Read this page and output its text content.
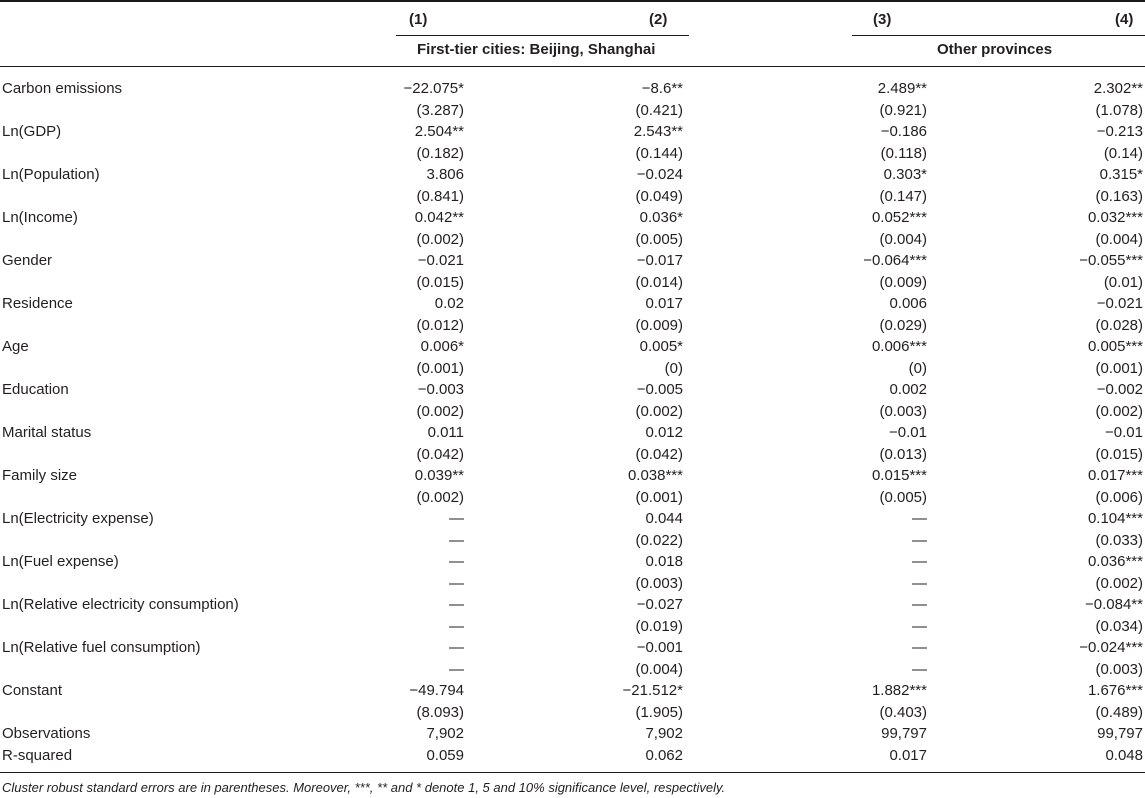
(1)	(2)	(3)	(4)
First-tier cities: Beijing, Shanghai	Other provinces
Carbon emissions	−22.075*	−8.6**	2.489**	2.302**
(3.287)	(0.421)	(0.921)	(1.078)
Ln(GDP)	2.504**	2.543**	−0.186	−0.213
(0.182)	(0.144)	(0.118)	(0.14)
Ln(Population)	3.806	−0.024	0.303*	0.315*
(0.841)	(0.049)	(0.147)	(0.163)
Ln(Income)	0.042**	0.036*	0.052***	0.032***
(0.002)	(0.005)	(0.004)	(0.004)
Gender	−0.021	−0.017	−0.064***	−0.055***
(0.015)	(0.014)	(0.009)	(0.01)
Residence	0.02	0.017	0.006	−0.021
(0.012)	(0.009)	(0.029)	(0.028)
Age	0.006*	0.005*	0.006***	0.005***
(0.001)	(0)	(0)	(0.001)
Education	−0.003	−0.005	0.002	−0.002
(0.002)	(0.002)	(0.003)	(0.002)
Marital status	0.011	0.012	−0.01	−0.01
(0.042)	(0.042)	(0.013)	(0.015)
Family size	0.039**	0.038***	0.015***	0.017***
(0.002)	(0.001)	(0.005)	(0.006)
Ln(Electricity expense)	—	0.044	—	0.104***
—	(0.022)	—	(0.033)
Ln(Fuel expense)	—	0.018	—	0.036***
—	(0.003)	—	(0.002)
Ln(Relative electricity consumption)	—	−0.027	—	−0.084**
—	(0.019)	—	(0.034)
Ln(Relative fuel consumption)	—	−0.001	—	−0.024***
—	(0.004)	—	(0.003)
Constant	−49.794	−21.512*	1.882***	1.676***
(8.093)	(1.905)	(0.403)	(0.489)
Observations	7,902	7,902	99,797	99,797
R-squared	0.059	0.062	0.017	0.048
Cluster robust standard errors are in parentheses. Moreover, ***, ** and * denote 1, 5 and 10% significance level, respectively.
